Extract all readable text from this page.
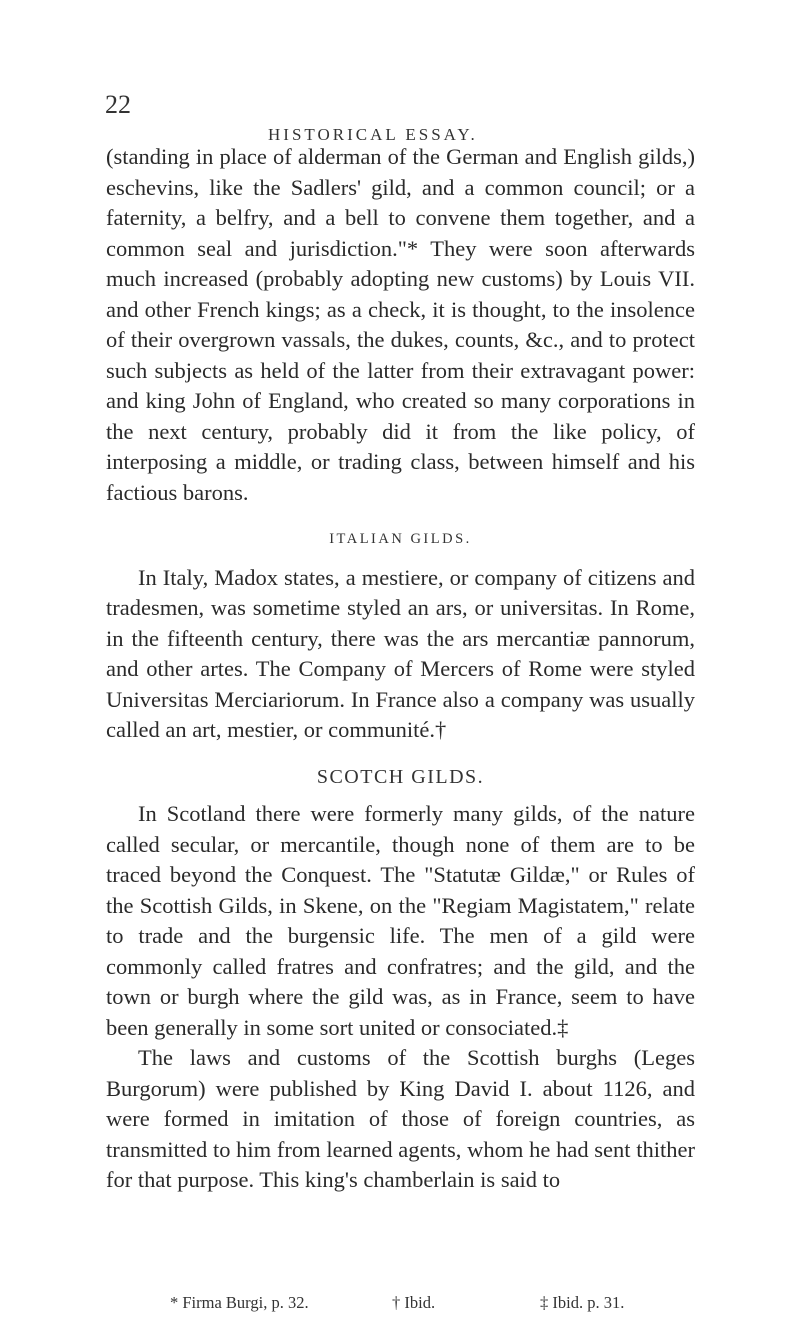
22
HISTORICAL ESSAY.

(standing in place of alderman of the German and English gilds,) eschevins, like the Sadlers' gild, and a common council; or a faternity, a belfry, and a bell to convene them together, and a common seal and jurisdiction."* They were soon afterwards much increased (probably adopting new customs) by Louis VII. and other French kings; as a check, it is thought, to the insolence of their overgrown vassals, the dukes, counts, &c., and to protect such subjects as held of the latter from their extravagant power: and king John of England, who created so many corporations in the next century, probably did it from the like policy, of interposing a middle, or trading class, between himself and his factious barons.

ITALIAN GILDS.

In Italy, Madox states, a mestiere, or company of citizens and tradesmen, was sometime styled an ars, or universitas. In Rome, in the fifteenth century, there was the ars mercantiæ pannorum, and other artes. The Company of Mercers of Rome were styled Universitas Merciariorum. In France also a company was usually called an art, mestier, or communité.†

SCOTCH GILDS.

In Scotland there were formerly many gilds, of the nature called secular, or mercantile, though none of them are to be traced beyond the Conquest. The "Statutæ Gildæ," or Rules of the Scottish Gilds, in Skene, on the "Regiam Magistatem," relate to trade and the burgensic life. The men of a gild were commonly called fratres and confratres; and the gild, and the town or burgh where the gild was, as in France, seem to have been generally in some sort united or consociated.‡

The laws and customs of the Scottish burghs (Leges Burgorum) were published by King David I. about 1126, and were formed in imitation of those of foreign countries, as transmitted to him from learned agents, whom he had sent thither for that purpose. This king's chamberlain is said to

* Firma Burgi, p. 32.	† Ibid.	‡ Ibid. p. 31.
